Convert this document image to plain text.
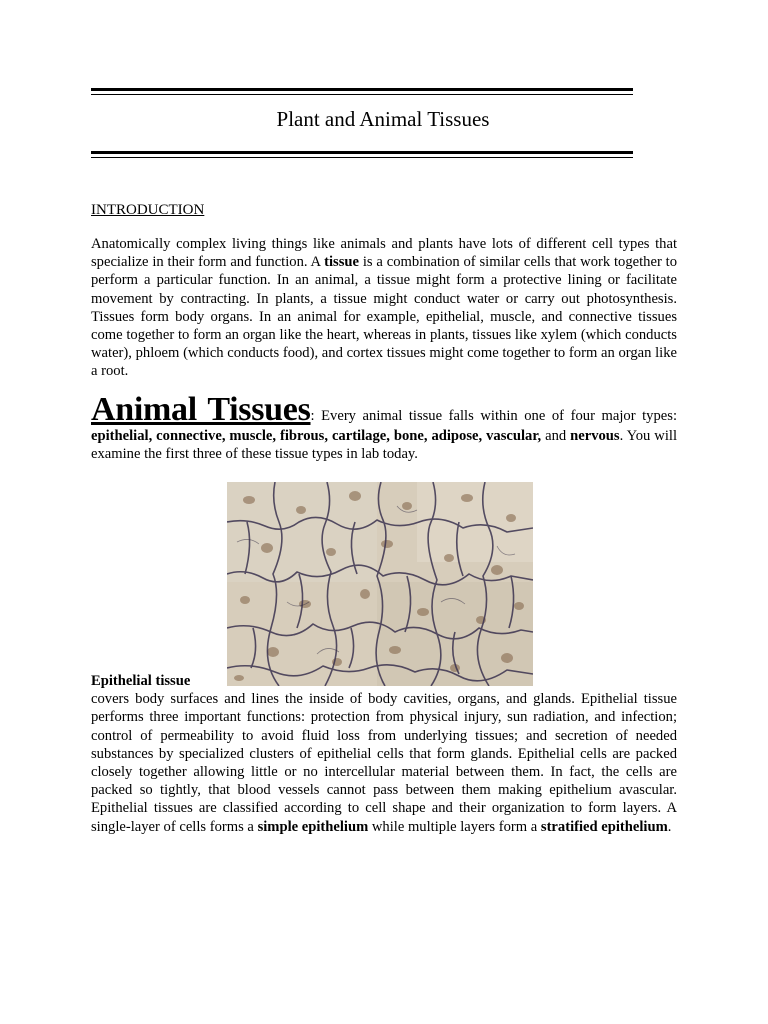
Plant and Animal Tissues
INTRODUCTION
Anatomically complex living things like animals and plants have lots of different cell types that specialize in their form and function. A tissue is a combination of similar cells that work together to perform a particular function. In an animal, a tissue might form a protective lining or facilitate movement by contracting. In plants, a tissue might conduct water or carry out photosynthesis. Tissues form body organs. In an animal for example, epithelial, muscle, and connective tissues come together to form an organ like the heart, whereas in plants, tissues like xylem (which conducts water), phloem (which conducts food), and cortex tissues might come together to form an organ like a root.
Animal Tissues: Every animal tissue falls within one of four major types: epithelial, connective, muscle, fibrous, cartilage, bone, adipose, vascular, and nervous. You will examine the first three of these tissue types in lab today.
Epithelial tissue
covers body surfaces and lines the inside of body cavities, organs, and glands. Epithelial tissue performs three important functions: protection from physical injury, sun radiation, and infection; control of permeability to avoid fluid loss from underlying tissues; and secretion of needed substances by specialized clusters of epithelial cells that form glands. Epithelial cells are packed closely together allowing little or no intercellular material between them. In fact, the cells are packed so tightly, that blood vessels cannot pass between them making epithelium avascular. Epithelial tissues are classified according to cell shape and their organization to form layers. A single-layer of cells forms a simple epithelium while multiple layers form a stratified epithelium.
